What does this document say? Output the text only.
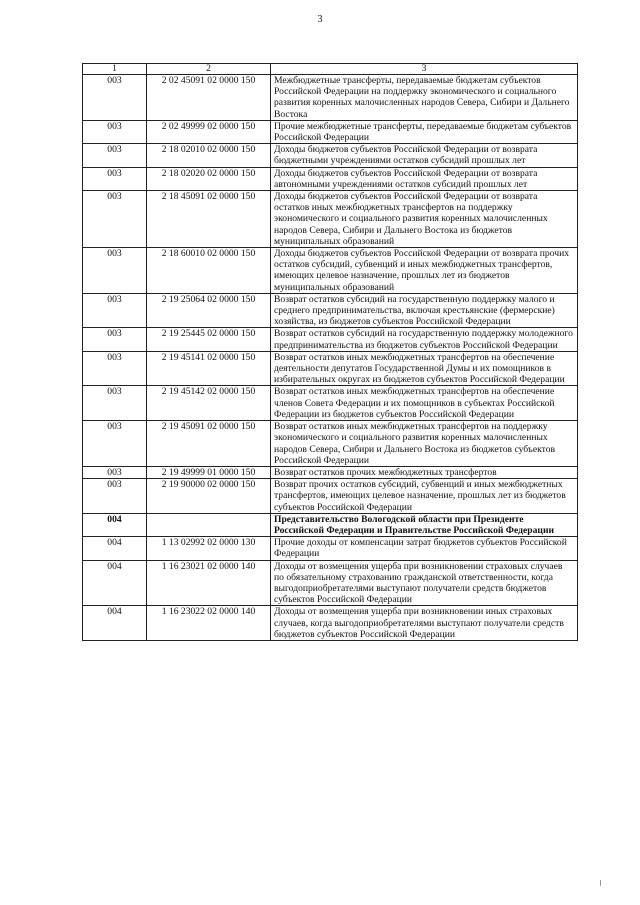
3
1	2	3
003	2 02 45091 02 0000 150	Межбюджетные трансферты, передаваемые бюджетам субъектов Российской Федерации на поддержку экономического и социального развития коренных малочисленных народов Севера, Сибири и Дальнего Востока
003	2 02 49999 02 0000 150	Прочие межбюджетные трансферты, передаваемые бюджетам субъектов Российской Федерации
003	2 18 02010 02 0000 150	Доходы бюджетов субъектов Российской Федерации от возврата бюджетными учреждениями остатков субсидий прошлых лет
003	2 18 02020 02 0000 150	Доходы бюджетов субъектов Российской Федерации от возврата автономными учреждениями остатков субсидий прошлых лет
003	2 18 45091 02 0000 150	Доходы бюджетов субъектов Российской Федерации от возврата остатков иных межбюджетных трансфертов на поддержку экономического и социального развития коренных малочисленных народов Севера, Сибири и Дальнего Востока из бюджетов муниципальных образований
003	2 18 60010 02 0000 150	Доходы бюджетов субъектов Российской Федерации от возврата прочих остатков субсидий, субвенций и иных межбюджетных трансфертов, имеющих целевое назначение, прошлых лет из бюджетов муниципальных образований
003	2 19 25064 02 0000 150	Возврат остатков субсидий на государственную поддержку малого и среднего предпринимательства, включая крестьянские (фермерские) хозяйства, из бюджетов субъектов Российской Федерации
003	2 19 25445 02 0000 150	Возврат остатков субсидий на государственную поддержку молодежного предпринимательства из бюджетов субъектов Российской Федерации
003	2 19 45141 02 0000 150	Возврат остатков иных межбюджетных трансфертов на обеспечение деятельности депутатов Государственной Думы и их помощников в избирательных округах из бюджетов субъектов Российской Федерации
003	2 19 45142 02 0000 150	Возврат остатков иных межбюджетных трансфертов на обеспечение членов Совета Федерации и их помощников в субъектах Российской Федерации из бюджетов субъектов Российской Федерации
003	2 19 45091 02 0000 150	Возврат остатков иных межбюджетных трансфертов на поддержку экономического и социального развития коренных малочисленных народов Севера, Сибири и Дальнего Востока из бюджетов субъектов Российской Федерации
003	2 19 49999 01 0000 150	Возврат остатков прочих межбюджетных трансфертов
003	2 19 90000 02 0000 150	Возврат прочих остатков субсидий, субвенций и иных межбюджетных трансфертов, имеющих целевое назначение, прошлых лет из бюджетов субъектов Российской Федерации
004		Представительство Вологодской области при Президенте Российской Федерации и Правительстве Российской Федерации
004	1 13 02992 02 0000 130	Прочие доходы от компенсации затрат бюджетов субъектов Российской Федерации
004	1 16 23021 02 0000 140	Доходы от возмещения ущерба при возникновении страховых случаев по обязательному страхованию гражданской ответственности, когда выгодоприобретателями выступают получатели средств бюджетов субъектов Российской Федерации
004	1 16 23022 02 0000 140	Доходы от возмещения ущерба при возникновении иных страховых случаев, когда выгодоприобретателями выступают получатели средств бюджетов субъектов Российской Федерации
